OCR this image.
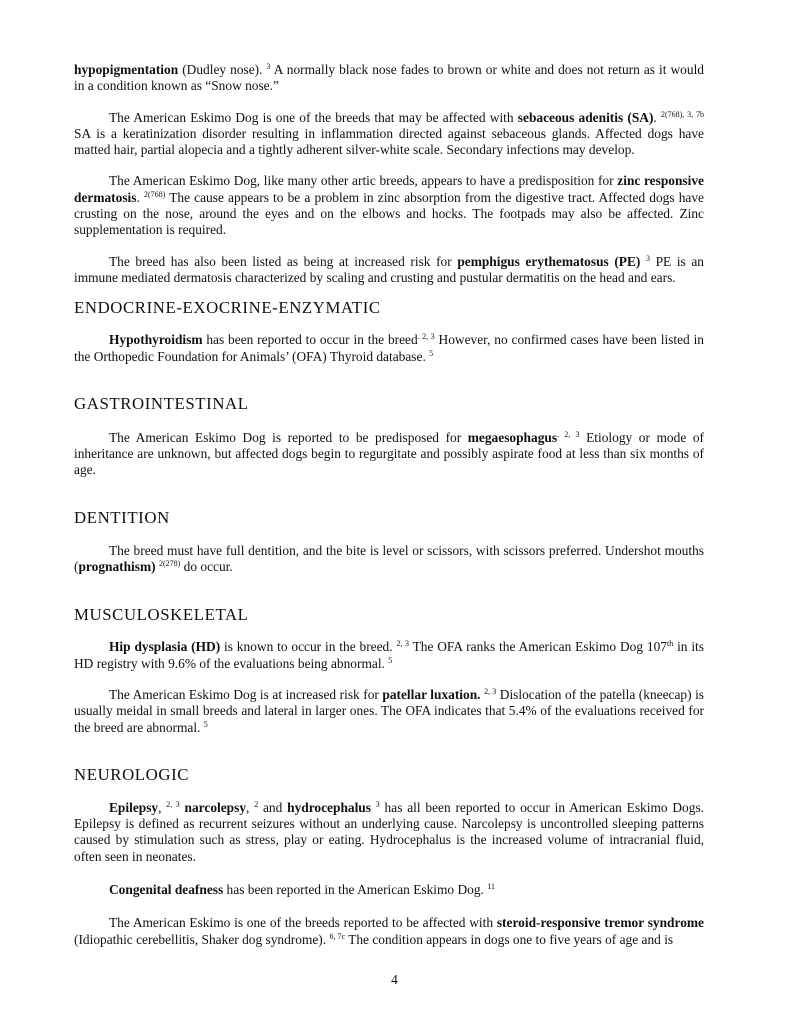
hypopigmentation (Dudley nose). $^3$ A normally black nose fades to brown or white and does not return as it would in a condition known as “Snow nose.”

The American Eskimo Dog is one of the breeds that may be affected with sebaceous adenitis (SA). $^{2(768), 3, 7b}$ SA is a keratinization disorder resulting in inflammation directed against sebaceous glands. Affected dogs have matted hair, partial alopecia and a tightly adherent silver-white scale. Secondary infections may develop.

The American Eskimo Dog, like many other artic breeds, appears to have a predisposition for zinc responsive dermatosis. $^{2(768)}$ The cause appears to be a problem in zinc absorption from the digestive tract. Affected dogs have crusting on the nose, around the eyes and on the elbows and hocks. The footpads may also be affected. Zinc supplementation is required.

The breed has also been listed as being at increased risk for pemphigus erythematosus (PE) $^3$ PE is an immune mediated dermatosis characterized by scaling and crusting and pustular dermatitis on the head and ears.

ENDOCRINE-EXOCRINE-ENZYMATIC

Hypothyroidism has been reported to occur in the breed$^{. 2, 3}$ However, no confirmed cases have been listed in the Orthopedic Foundation for Animals’ (OFA) Thyroid database. $^5$

GASTROINTESTINAL

The American Eskimo Dog is reported to be predisposed for megaesophagus$^{. 2, 3}$ Etiology or mode of inheritance are unknown, but affected dogs begin to regurgitate and possibly aspirate food at less than six months of age.

DENTITION

The breed must have full dentition, and the bite is level or scissors, with scissors preferred. Undershot mouths (prognathism) $^{2(278)}$ do occur.

MUSCULOSKELETAL

Hip dysplasia (HD) is known to occur in the breed. $^{2, 3}$ The OFA ranks the American Eskimo Dog 107th in its HD registry with 9.6% of the evaluations being abnormal. $^5$

The American Eskimo Dog is at increased risk for patellar luxation. $^{2, 3}$ Dislocation of the patella (kneecap) is usually meidal in small breeds and lateral in larger ones. The OFA indicates that 5.4% of the evaluations received for the breed are abnormal. $^5$

NEUROLOGIC

Epilepsy, $^{2, 3}$ narcolepsy, $^2$ and hydrocephalus $^3$ has all been reported to occur in American Eskimo Dogs. Epilepsy is defined as recurrent seizures without an underlying cause. Narcolepsy is uncontrolled sleeping patterns caused by stimulation such as stress, play or eating. Hydrocephalus is the increased volume of intracranial fluid, often seen in neonates.

Congenital deafness has been reported in the American Eskimo Dog. $^{11}$

The American Eskimo is one of the breeds reported to be affected with steroid-responsive tremor syndrome (Idiopathic cerebellitis, Shaker dog syndrome). $^{6, 7c}$ The condition appears in dogs one to five years of age and is

4
